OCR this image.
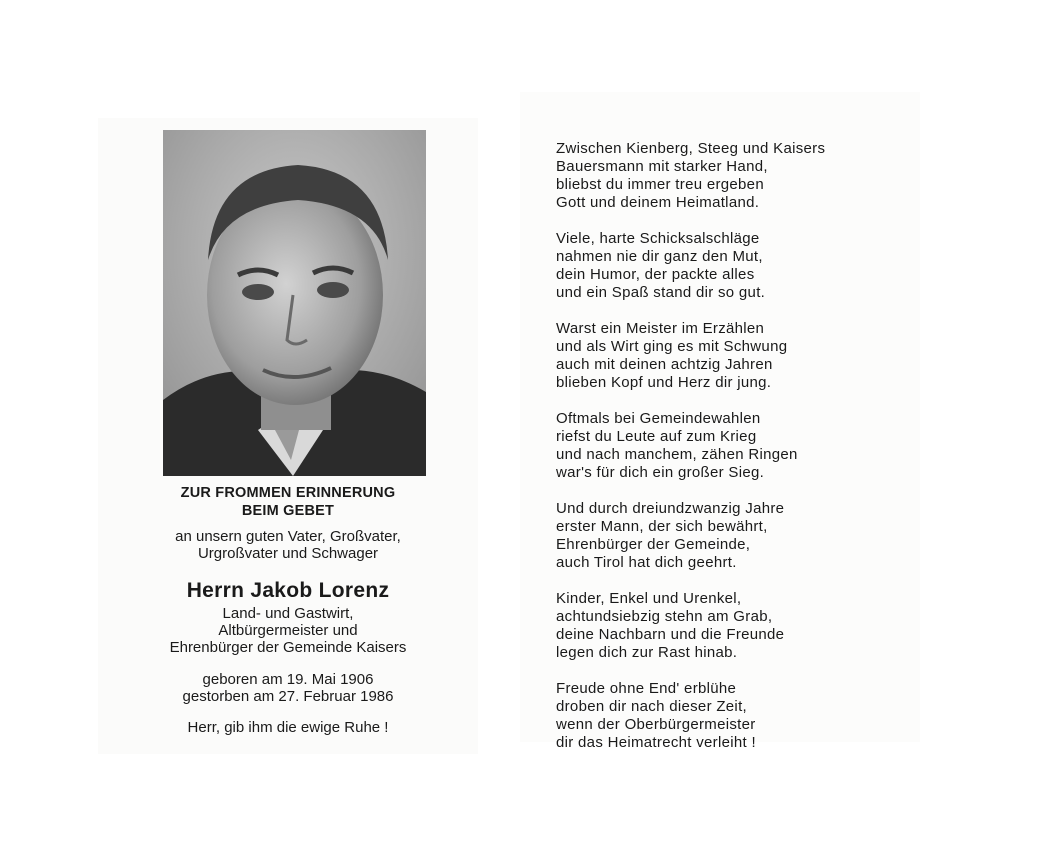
ZUR FROMMEN ERINNERUNG
BEIM GEBET
an unsern guten Vater, Großvater,
Urgroßvater und Schwager
Herrn Jakob Lorenz
Land- und Gastwirt,
Altbürgermeister und
Ehrenbürger der Gemeinde Kaisers
geboren am 19. Mai 1906
gestorben am 27. Februar 1986
Herr, gib ihm die ewige Ruhe !
Zwischen Kienberg, Steeg und Kaisers
Bauersmann mit starker Hand,
bliebst du immer treu ergeben
Gott und deinem Heimatland.
Viele, harte Schicksalschläge
nahmen nie dir ganz den Mut,
dein Humor, der packte alles
und ein Spaß stand dir so gut.
Warst ein Meister im Erzählen
und als Wirt ging es mit Schwung
auch mit deinen achtzig Jahren
blieben Kopf und Herz dir jung.
Oftmals bei Gemeindewahlen
riefst du Leute auf zum Krieg
und nach manchem, zähen Ringen
war's für dich ein großer Sieg.
Und durch dreiundzwanzig Jahre
erster Mann, der sich bewährt,
Ehrenbürger der Gemeinde,
auch Tirol hat dich geehrt.
Kinder, Enkel und Urenkel,
achtundsiebzig stehn am Grab,
deine Nachbarn und die Freunde
legen dich zur Rast hinab.
Freude ohne End' erblühe
droben dir nach dieser Zeit,
wenn der Oberbürgermeister
dir das Heimatrecht verleiht !
